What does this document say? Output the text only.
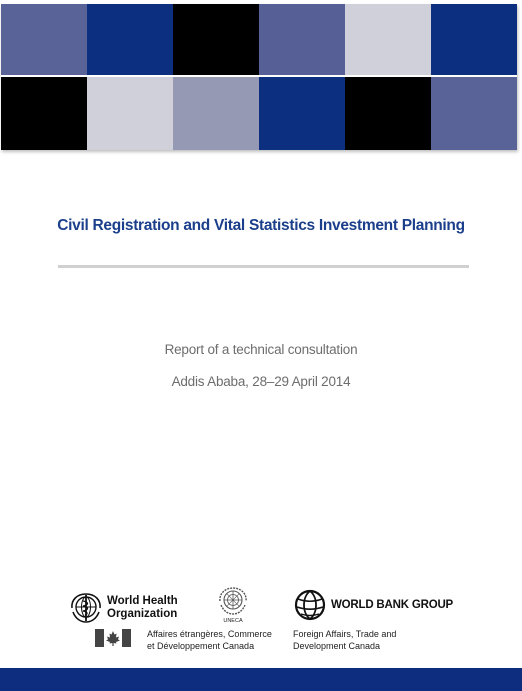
Civil Registration and Vital Statistics Investment Planning
Report of a technical consultation
Addis Ababa, 28–29 April 2014
World Health
Organization
UNECA
WORLD BANK GROUP
Affaires étrangères, Commerce
et Développement Canada
Foreign Affairs, Trade and
Development Canada
